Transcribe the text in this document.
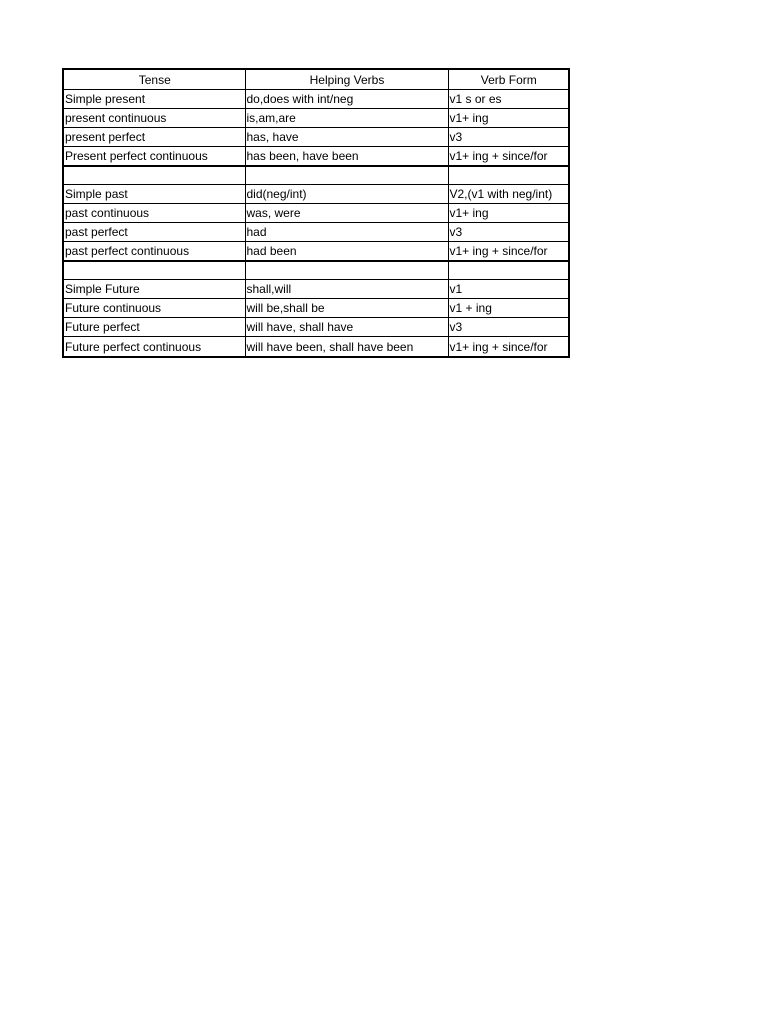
Tense	Helping Verbs	Verb Form
Simple present	do,does with int/neg	v1 s or es
present continuous	is,am,are	v1+ ing
present perfect	has, have	v3
Present perfect continuous	has been, have been	v1+ ing + since/for

Simple past	did(neg/int)	V2,(v1 with neg/int)
past continuous	was, were	v1+ ing
past perfect	had	v3
past perfect continuous	had been	v1+ ing + since/for

Simple Future	shall,will	v1
Future continuous	will be,shall be	v1 + ing
Future perfect	will have, shall have	v3
Future perfect continuous	will have been, shall have been	v1+ ing + since/for
